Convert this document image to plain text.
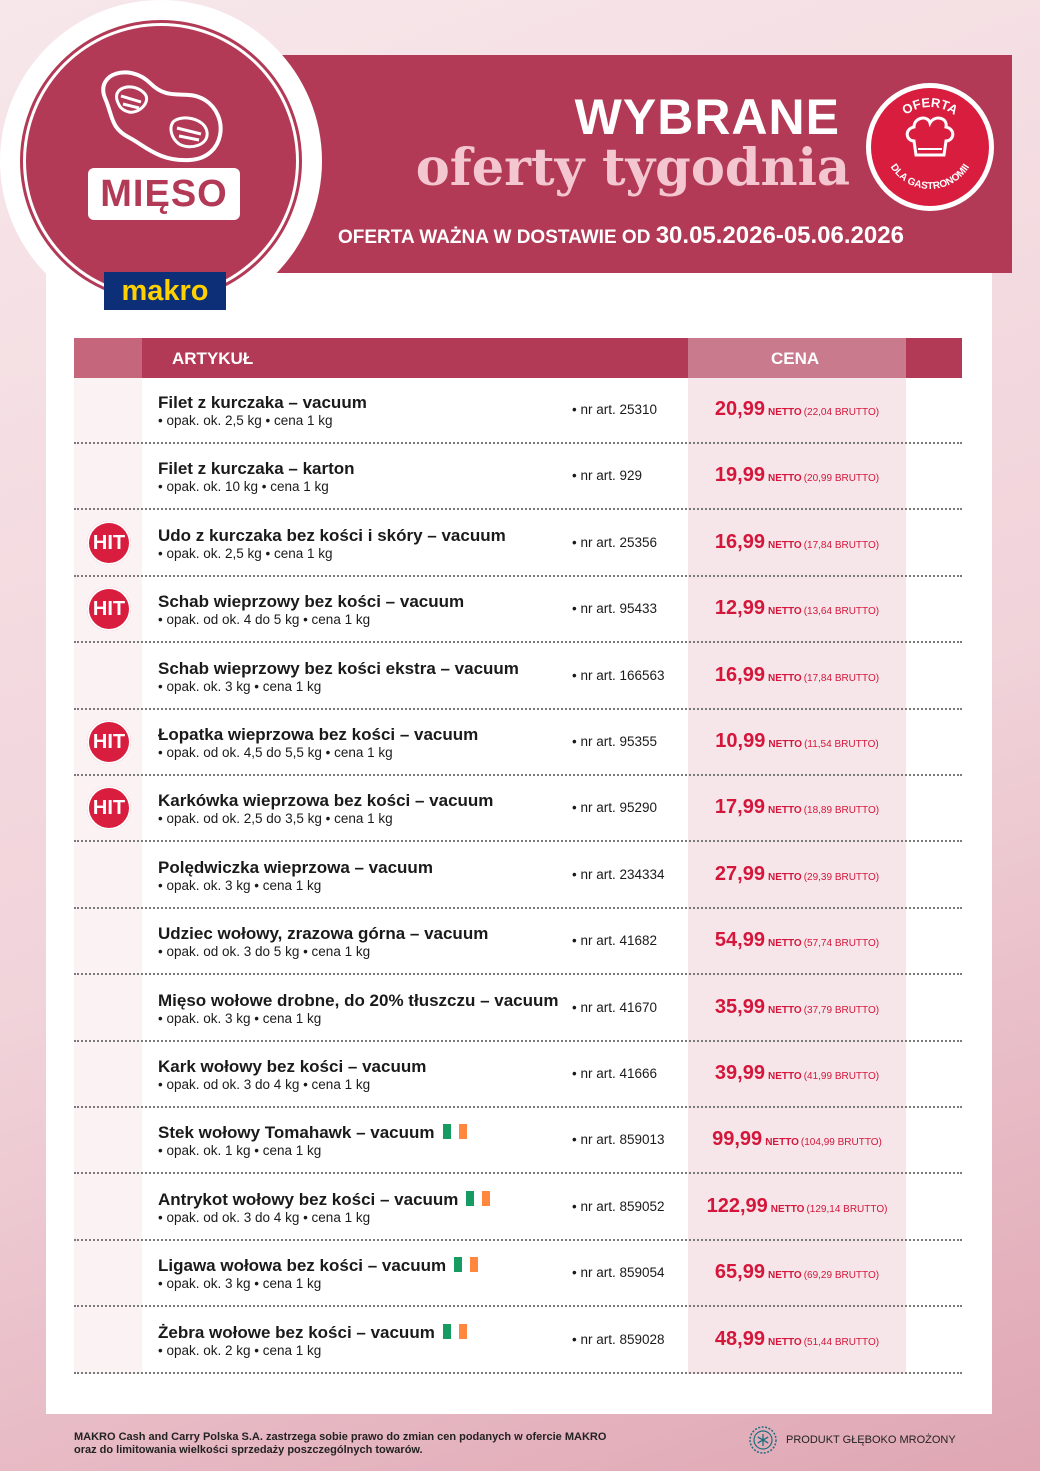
MIĘSO
makro
WYBRANE
oferty tygodnia
OFERTA WAŻNA W DOSTAWIE OD 30.05.2026-05.06.2026
OFERTA
DLA GASTRONOMII
ARTYKUŁ	CENA
Filet z kurczaka – vacuum
• opak. ok. 2,5 kg • cena 1 kg
• nr art. 25310	20,99 NETTO (22,04 BRUTTO)
Filet z kurczaka – karton
• opak. ok. 10 kg • cena 1 kg
• nr art. 929	19,99 NETTO (20,99 BRUTTO)
HIT	Udo z kurczaka bez kości i skóry – vacuum
• opak. ok. 2,5 kg • cena 1 kg
• nr art. 25356	16,99 NETTO (17,84 BRUTTO)
HIT	Schab wieprzowy bez kości – vacuum
• opak. od ok. 4 do 5 kg • cena 1 kg
• nr art. 95433	12,99 NETTO (13,64 BRUTTO)
Schab wieprzowy bez kości ekstra – vacuum
• opak. ok. 3 kg • cena 1 kg
• nr art. 166563	16,99 NETTO (17,84 BRUTTO)
HIT	Łopatka wieprzowa bez kości – vacuum
• opak. od ok. 4,5 do 5,5 kg • cena 1 kg
• nr art. 95355	10,99 NETTO (11,54 BRUTTO)
HIT	Karkówka wieprzowa bez kości – vacuum
• opak. od ok. 2,5 do 3,5 kg • cena 1 kg
• nr art. 95290	17,99 NETTO (18,89 BRUTTO)
Polędwiczka wieprzowa – vacuum
• opak. ok. 3 kg • cena 1 kg
• nr art. 234334	27,99 NETTO (29,39 BRUTTO)
Udziec wołowy, zrazowa górna – vacuum
• opak. od ok. 3 do 5 kg • cena 1 kg
• nr art. 41682	54,99 NETTO (57,74 BRUTTO)
Mięso wołowe drobne, do 20% tłuszczu – vacuum
• opak. ok. 3 kg • cena 1 kg
• nr art. 41670	35,99 NETTO (37,79 BRUTTO)
Kark wołowy bez kości – vacuum
• opak. od ok. 3 do 4 kg • cena 1 kg
• nr art. 41666	39,99 NETTO (41,99 BRUTTO)
Stek wołowy Tomahawk – vacuum
• opak. ok. 1 kg • cena 1 kg
• nr art. 859013	99,99 NETTO (104,99 BRUTTO)
Antrykot wołowy bez kości – vacuum
• opak. od ok. 3 do 4 kg • cena 1 kg
• nr art. 859052	122,99 NETTO (129,14 BRUTTO)
Ligawa wołowa bez kości – vacuum
• opak. ok. 3 kg • cena 1 kg
• nr art. 859054	65,99 NETTO (69,29 BRUTTO)
Żebra wołowe bez kości – vacuum
• opak. ok. 2 kg • cena 1 kg
• nr art. 859028	48,99 NETTO (51,44 BRUTTO)
MAKRO Cash and Carry Polska S.A. zastrzega sobie prawo do zmian cen podanych w ofercie MAKRO
oraz do limitowania wielkości sprzedaży poszczególnych towarów.
PRODUKT GŁĘBOKO MROŻONY
